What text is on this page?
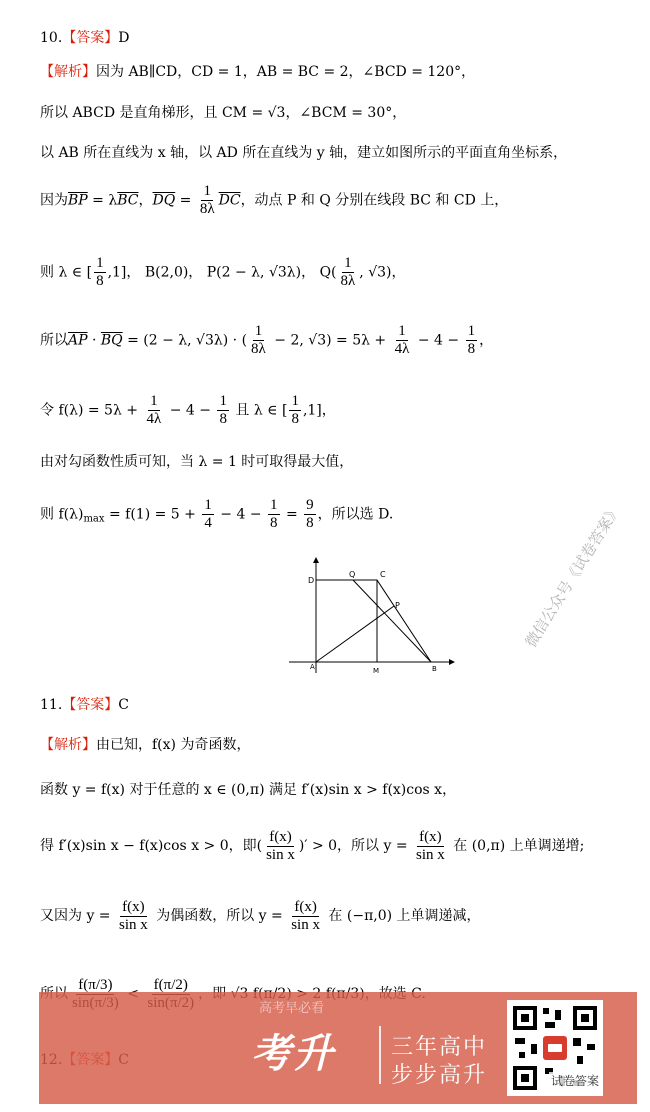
10.【答案】D
【解析】因为 AB∥CD，CD = 1，AB = BC = 2，∠BCD = 120°，
所以 ABCD 是直角梯形，且 CM = √3，∠BCM = 30°，
以 AB 所在直线为 x 轴，以 AD 所在直线为 y 轴，建立如图所示的平面直角坐标系，
因为$\overline{BP} = \lambda\overline{BC}$，$\overline{DQ} = \frac{1}{8\lambda} \overline{DC}$，动点 P 和 Q 分别在线段 BC 和 CD 上，
则 λ ∈ [ $\frac{1}{8} ,1$]， B(2,0)， P(2 − λ, √3λ)， $Q( \frac{1}{8\lambda}$ , √3)，
所以$\overline{AP} \cdot \overline{BQ} = (2 - \lambda$, √3λ) · ( $\frac{1}{8\lambda} - 2$, $√3) = 5\lambda + \frac{1}{4\lambda} - 4 - \frac{1}{8}$ ，
令 $f(\lambda) = 5\lambda + \frac{1}{4\lambda} - 4 - \frac{1}{8}$ 且 λ ∈ [ $\frac{1}{8} ,1$]，
由对勾函数性质可知，当 λ = 1 时可取得最大值，
则 $f(\lambda)_{max} = f(1) = 5 + \frac{1}{4} - 4 - \frac{1}{8} = \frac{9}{8}$ ，所以选 D.
D
Q	C
P
A	M	B
微信公众号《试卷答案》
11.【答案】C
【解析】由已知，f(x) 为奇函数，
函数 y = f(x) 对于任意的 x ∈ (0,π) 满足 f′(x)sin x > f(x)cos x，
得 f′(x)sin x − f(x)cos x > 0，即( $\frac{f(x)}{\text{sin x}}$ )′ > 0，所以 $y = \frac{f(x)}{\text{sin x}}$ 在 (0,π) 上单调递增;
又因为 $y = \frac{f(x)}{\text{sin x}}$ 为偶函数，所以 $y = \frac{f(x)}{\text{sin x}}$ 在 (−π,0) 上单调递减，
f(π/3)	f(π/2)
高考早必看
考升	三年高中
步步高升	试卷答案
